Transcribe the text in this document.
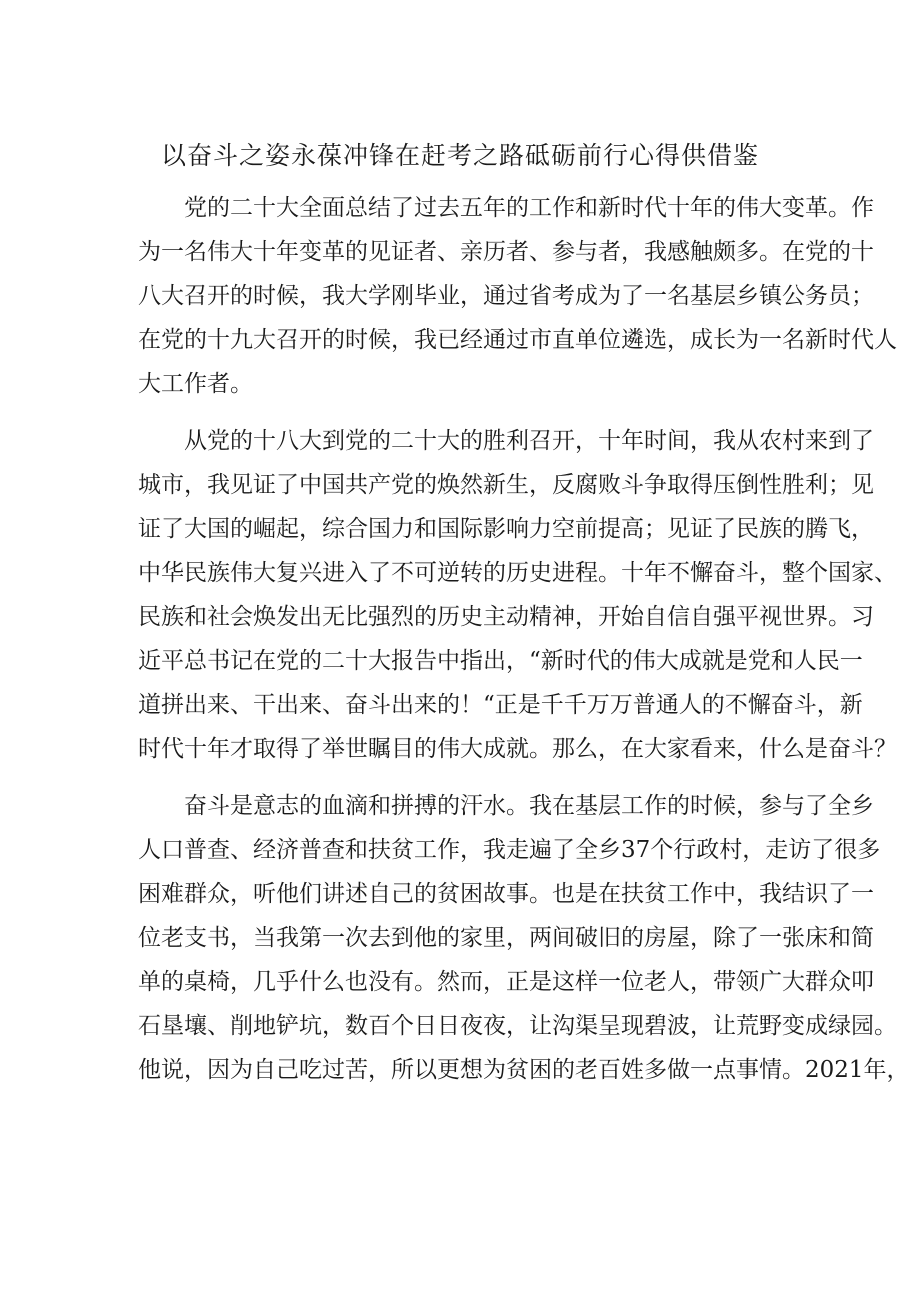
以奋斗之姿永葆冲锋在赶考之路砥砺前行心得供借鉴
党的二十大全面总结了过去五年的工作和新时代十年的伟大变革。作
为一名伟大十年变革的见证者、亲历者、参与者，我感触颇多。在党的十
八大召开的时候，我大学刚毕业，通过省考成为了一名基层乡镇公务员；
在党的十九大召开的时候，我已经通过市直单位遴选，成长为一名新时代人
大工作者。
从党的十八大到党的二十大的胜利召开，十年时间，我从农村来到了
城市，我见证了中国共产党的焕然新生，反腐败斗争取得压倒性胜利；见
证了大国的崛起，综合国力和国际影响力空前提高；见证了民族的腾飞，
中华民族伟大复兴进入了不可逆转的历史进程。十年不懈奋斗，整个国家、
民族和社会焕发出无比强烈的历史主动精神，开始自信自强平视世界。习
近平总书记在党的二十大报告中指出，“新时代的伟大成就是党和人民一
道拼出来、干出来、奋斗出来的！“正是千千万万普通人的不懈奋斗，新
时代十年才取得了举世瞩目的伟大成就。那么，在大家看来，什么是奋斗？
奋斗是意志的血滴和拼搏的汗水。我在基层工作的时候，参与了全乡
人口普查、经济普查和扶贫工作，我走遍了全乡37个行政村，走访了很多
困难群众，听他们讲述自己的贫困故事。也是在扶贫工作中，我结识了一
位老支书，当我第一次去到他的家里，两间破旧的房屋，除了一张床和简
单的桌椅，几乎什么也没有。然而，正是这样一位老人，带领广大群众叩
石垦壤、削地铲坑，数百个日日夜夜，让沟渠呈现碧波，让荒野变成绿园。
他说，因为自己吃过苦，所以更想为贫困的老百姓多做一点事情。2021年，
